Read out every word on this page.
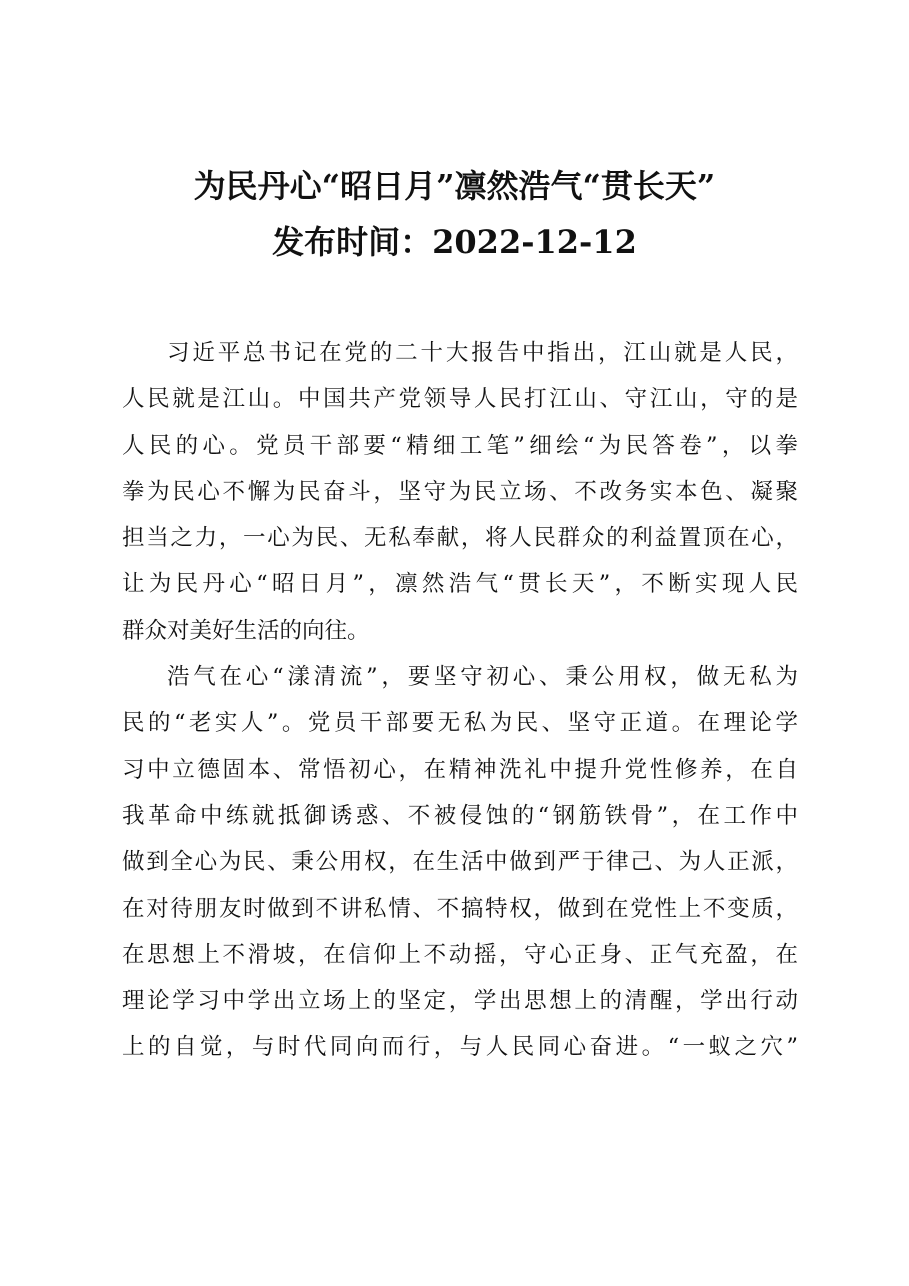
为民丹心“昭日月”凛然浩气“贯长天”
发布时间：2022-12-12
习近平总书记在党的二十大报告中指出，江山就是人民，
人民就是江山。中国共产党领导人民打江山、守江山，守的是
人民的心。党员干部要“精细工笔”细绘“为民答卷”，以拳
拳为民心不懈为民奋斗，坚守为民立场、不改务实本色、凝聚
担当之力，一心为民、无私奉献，将人民群众的利益置顶在心，
让为民丹心“昭日月”，凛然浩气“贯长天”，不断实现人民
群众对美好生活的向往。
浩气在心“漾清流”，要坚守初心、秉公用权，做无私为
民的“老实人”。党员干部要无私为民、坚守正道。在理论学
习中立德固本、常悟初心，在精神洗礼中提升党性修养，在自
我革命中练就抵御诱惑、不被侵蚀的“钢筋铁骨”，在工作中
做到全心为民、秉公用权，在生活中做到严于律己、为人正派，
在对待朋友时做到不讲私情、不搞特权，做到在党性上不变质，
在思想上不滑坡，在信仰上不动摇，守心正身、正气充盈，在
理论学习中学出立场上的坚定，学出思想上的清醒，学出行动
上的自觉，与时代同向而行，与人民同心奋进。“一蚁之穴”
